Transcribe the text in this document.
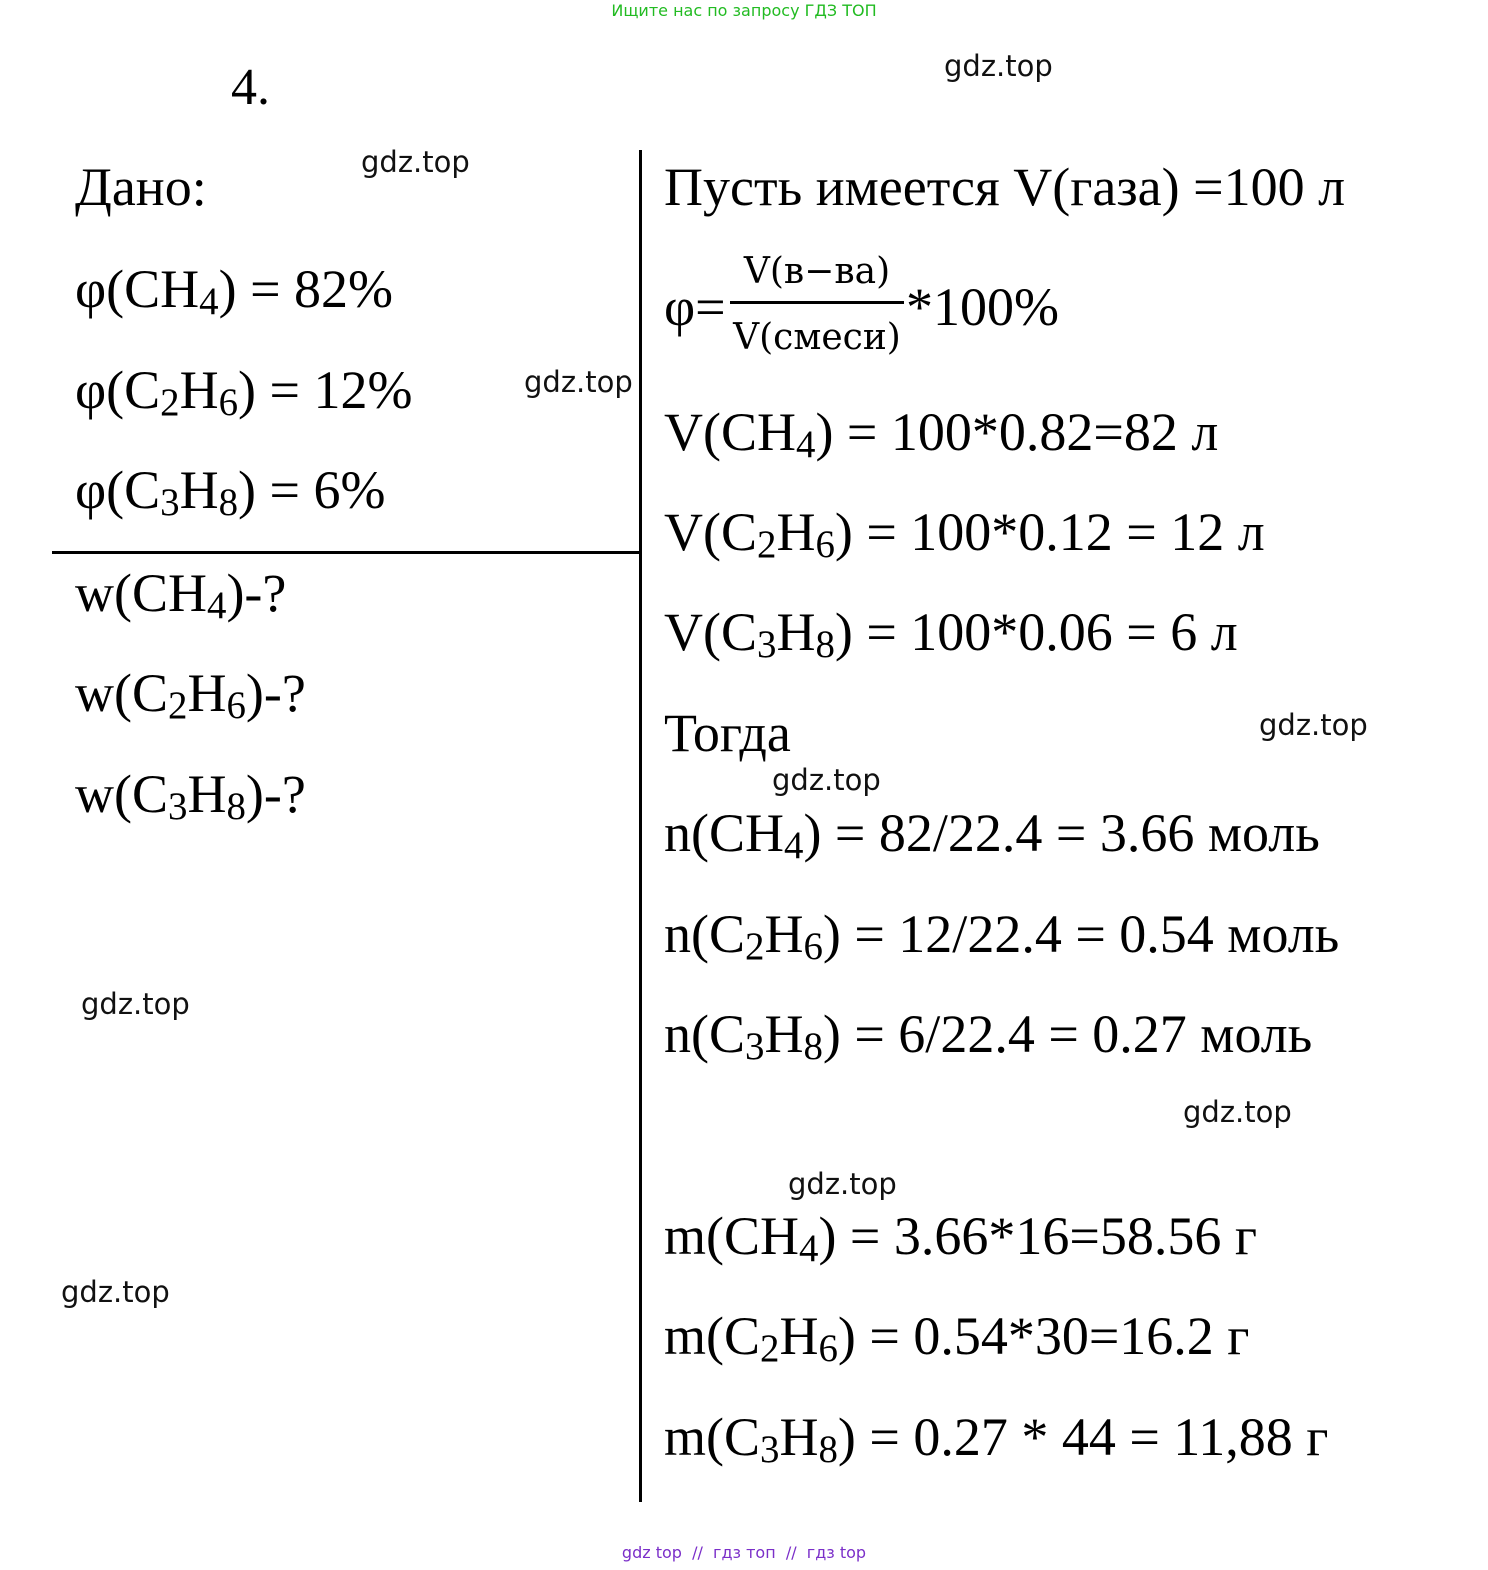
Ищите нас по запросу ГДЗ ТОП
4.	gdz.top
gdz.top
gdz.top
gdz.top
gdz.top
gdz.top
gdz.top
gdz.top
gdz.top
Дано:
$\varphi(CH_4) = 82\%$
$\varphi(C_2H_6) = 12\%$
$\varphi(C_3H_8) = 6\%$
$w(CH_4)-$?
$w(C_2H_6)-$?
$w(C_3H_8)-$?
Пусть имеется V(газа) =100 л
φ=
V(в−ва)
V(смеси)
*100%
$V(CH_4) = 100*0.82=82$ л
$V(C_2H_6) = 100*0.12 = 12$ л
$V(C_3H_8) = 100*0.06 = 6$ л
Тогда
$n(CH_4) = 82/22.4 = 3.66$ моль
$n(C_2H_6) = 12/22.4 = 0.54$ моль
$n(C_3H_8) = 6/22.4 = 0.27$ моль
$m(CH_4) = 3.66*16=58.56$ г
$m(C_2H_6) = 0.54*30=16.2$ г
$m(C_3H_8) = 0.27 * 44 = 11,88$ г
gdz top  //  гдз топ  //  гдз top
